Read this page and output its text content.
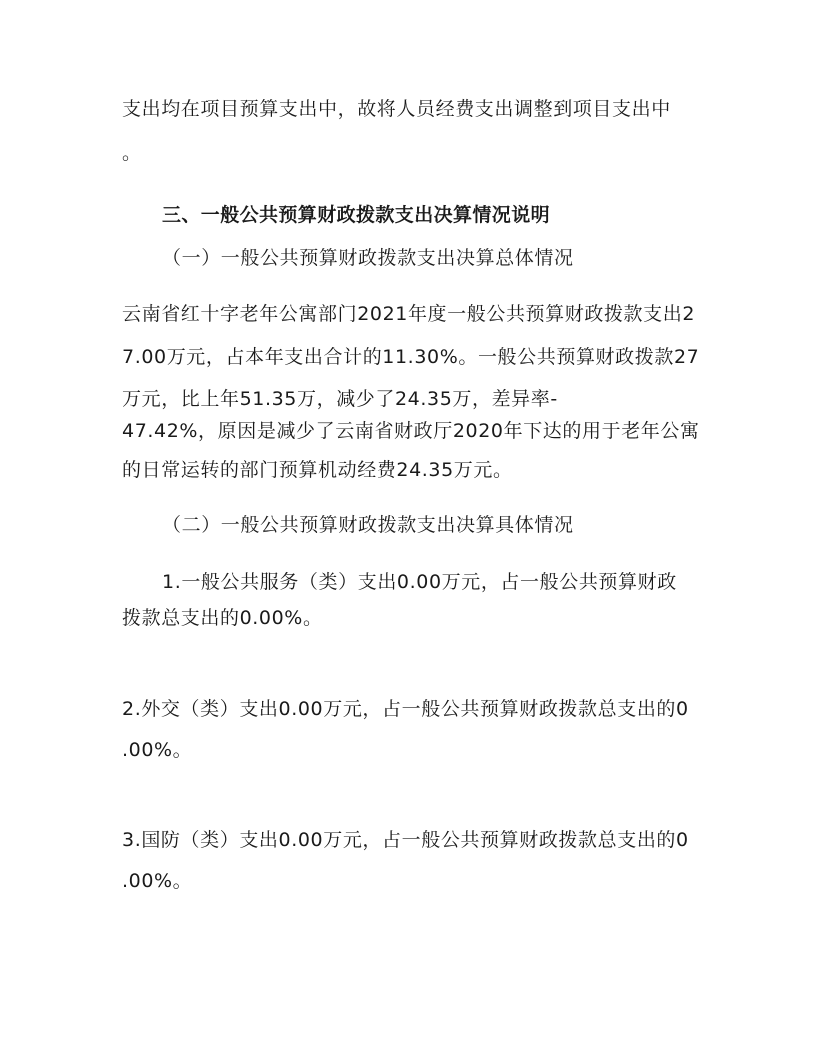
支出均在项目预算支出中，故将人员经费支出调整到项目支出中
。
三、一般公共预算财政拨款支出决算情况说明
（一）一般公共预算财政拨款支出决算总体情况
云南省红十字老年公寓部门2021年度一般公共预算财政拨款支出2
7.00万元，占本年支出合计的11.30%。一般公共预算财政拨款27
万元，比上年51.35万，减少了24.35万，差异率-
47.42%，原因是减少了云南省财政厅2020年下达的用于老年公寓
的日常运转的部门预算机动经费24.35万元。
（二）一般公共预算财政拨款支出决算具体情况
1.一般公共服务（类）支出0.00万元，占一般公共预算财政
拨款总支出的0.00%。
2.外交（类）支出0.00万元，占一般公共预算财政拨款总支出的0
.00%。
3.国防（类）支出0.00万元，占一般公共预算财政拨款总支出的0
.00%。
